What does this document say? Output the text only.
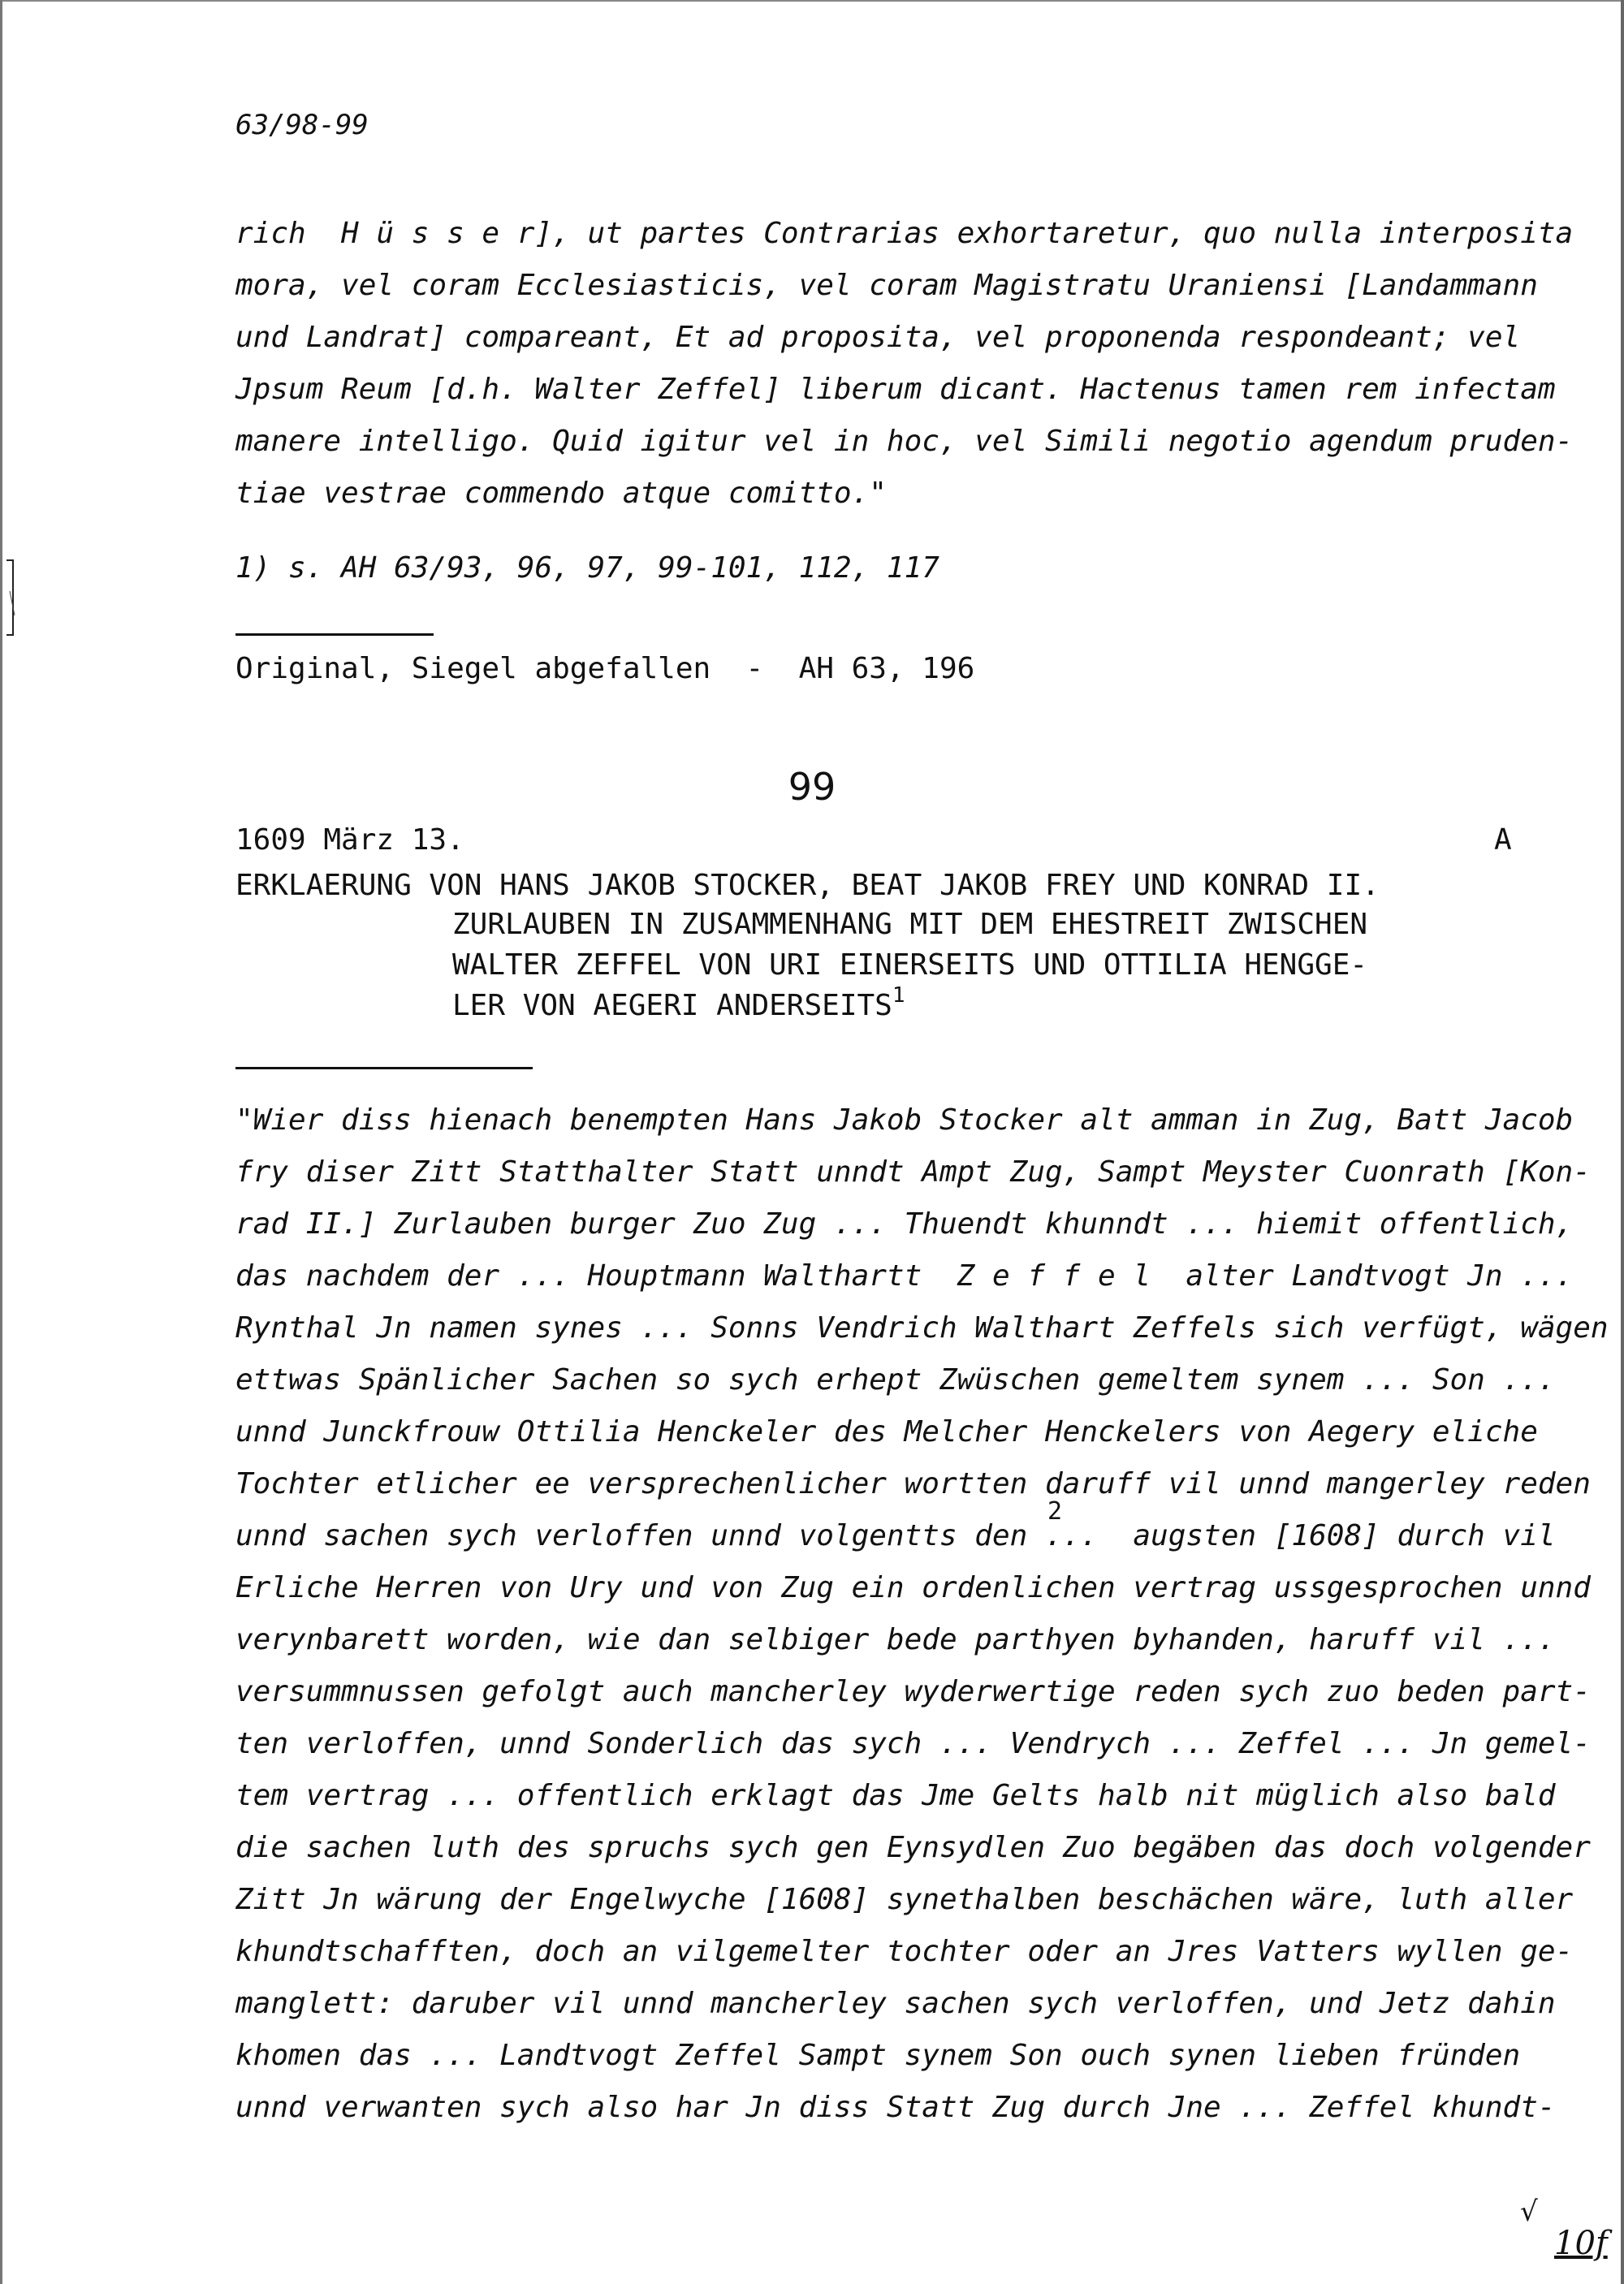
63/98-99
rich  H ü s s e r], ut partes Contrarias exhortaretur, quo nulla interposita
mora, vel coram Ecclesiasticis, vel coram Magistratu Uraniensi [Landammann
und Landrat] compareant, Et ad proposita, vel proponenda respondeant; vel
Jpsum Reum [d.h. Walter Zeffel] liberum dicant. Hactenus tamen rem infectam
manere intelligo. Quid igitur vel in hoc, vel Simili negotio agendum pruden-
tiae vestrae commendo atque comitto."
1) s. AH 63/93, 96, 97, 99-101, 112, 117
Original, Siegel abgefallen  -  AH 63, 196
99
1609 März 13.	A
ERKLAERUNG VON HANS JAKOB STOCKER, BEAT JAKOB FREY UND KONRAD II.
ZURLAUBEN IN ZUSAMMENHANG MIT DEM EHESTREIT ZWISCHEN
WALTER ZEFFEL VON URI EINERSEITS UND OTTILIA HENGGE-
LER VON AEGERI ANDERSEITS$^1$
"Wier diss hienach benempten Hans Jakob Stocker alt amman in Zug, Batt Jacob
fry diser Zitt Statthalter Statt unndt Ampt Zug, Sampt Meyster Cuonrath [Kon-
rad II.] Zurlauben burger Zuo Zug ... Thuendt khunndt ... hiemit offentlich,
das nachdem der ... Houptmann Walthartt  Z e f f e l  alter Landtvogt Jn ...
Rynthal Jn namen synes ... Sonns Vendrich Walthart Zeffels sich verfügt, wägen
ettwas Spänlicher Sachen so sych erhept Zwüschen gemeltem synem ... Son ...
unnd Junckfrouw Ottilia Henckeler des Melcher Henckelers von Aegery eliche
Tochter etlicher ee versprechenlicher wortten daruff vil unnd mangerley reden
unnd sachen sych verloffen unnd volgentts den ...  augsten [1608] durch vil
2
Erliche Herren von Ury und von Zug ein ordenlichen vertrag ussgesprochen unnd
verynbarett worden, wie dan selbiger bede parthyen byhanden, haruff vil ...
versummnussen gefolgt auch mancherley wyderwertige reden sych zuo beden part-
ten verloffen, unnd Sonderlich das sych ... Vendrych ... Zeffel ... Jn gemel-
tem vertrag ... offentlich erklagt das Jme Gelts halb nit müglich also bald
die sachen luth des spruchs sych gen Eynsydlen Zuo begäben das doch volgender
Zitt Jn wärung der Engelwyche [1608] synethalben beschächen wäre, luth aller
khundtschafften, doch an vilgemelter tochter oder an Jres Vatters wyllen ge-
manglett: daruber vil unnd mancherley sachen sych verloffen, und Jetz dahin
khomen das ... Landtvogt Zeffel Sampt synem Son ouch synen lieben fründen
unnd verwanten sych also har Jn diss Statt Zug durch Jne ... Zeffel khundt-
√
10f
